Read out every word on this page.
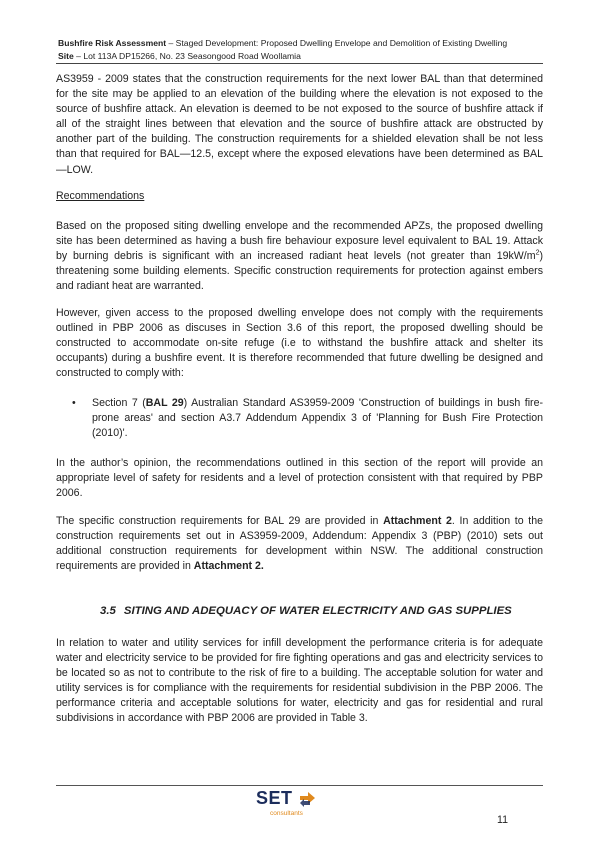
Bushfire Risk Assessment – Staged Development: Proposed Dwelling Envelope and Demolition of Existing Dwelling
Site – Lot 113A DP15266, No. 23 Seasongood Road Woollamia

AS3959 - 2009 states that the construction requirements for the next lower BAL than that determined for the site may be applied to an elevation of the building where the elevation is not exposed to the source of bushfire attack. An elevation is deemed to be not exposed to the source of bushfire attack if all of the straight lines between that elevation and the source of bushfire attack are obstructed by another part of the building. The construction requirements for a shielded elevation shall be not less than that required for BAL—12.5, except where the exposed elevations have been determined as BAL—LOW.

Recommendations

Based on the proposed siting dwelling envelope and the recommended APZs, the proposed dwelling site has been determined as having a bush fire behaviour exposure level equivalent to BAL 19. Attack by burning debris is significant with an increased radiant heat levels (not greater than $19kW/m^2$) threatening some building elements. Specific construction requirements for protection against embers and radiant heat are warranted.

However, given access to the proposed dwelling envelope does not comply with the requirements outlined in PBP 2006 as discuses in Section 3.6 of this report, the proposed dwelling should be constructed to accommodate on-site refuge (i.e to withstand the bushfire attack and shelter its occupants) during a bushfire event. It is therefore recommended that future dwelling be designed and constructed to comply with:

• Section 7 (BAL 29) Australian Standard AS3959-2009 'Construction of buildings in bush fire-prone areas' and section A3.7 Addendum Appendix 3 of 'Planning for Bush Fire Protection (2010)'.

In the author’s opinion, the recommendations outlined in this section of the report will provide an appropriate level of safety for residents and a level of protection consistent with that required by PBP 2006.

The specific construction requirements for BAL 29 are provided in Attachment 2. In addition to the construction requirements set out in AS3959-2009, Addendum: Appendix 3 (PBP) (2010) sets out additional construction requirements for development within NSW. The additional construction requirements are provided in Attachment 2.

3.5 SITING AND ADEQUACY OF WATER ELECTRICITY AND GAS SUPPLIES

In relation to water and utility services for infill development the performance criteria is for adequate water and electricity service to be provided for fire fighting operations and gas and electricity services to be located so as not to contribute to the risk of fire to a building. The acceptable solution for water and utility services is for compliance with the requirements for residential subdivision in the PBP 2006. The performance criteria and acceptable solutions for water, electricity and gas for residential and rural subdivisions in accordance with PBP 2006 are provided in Table 3.

SET
consultants
11
